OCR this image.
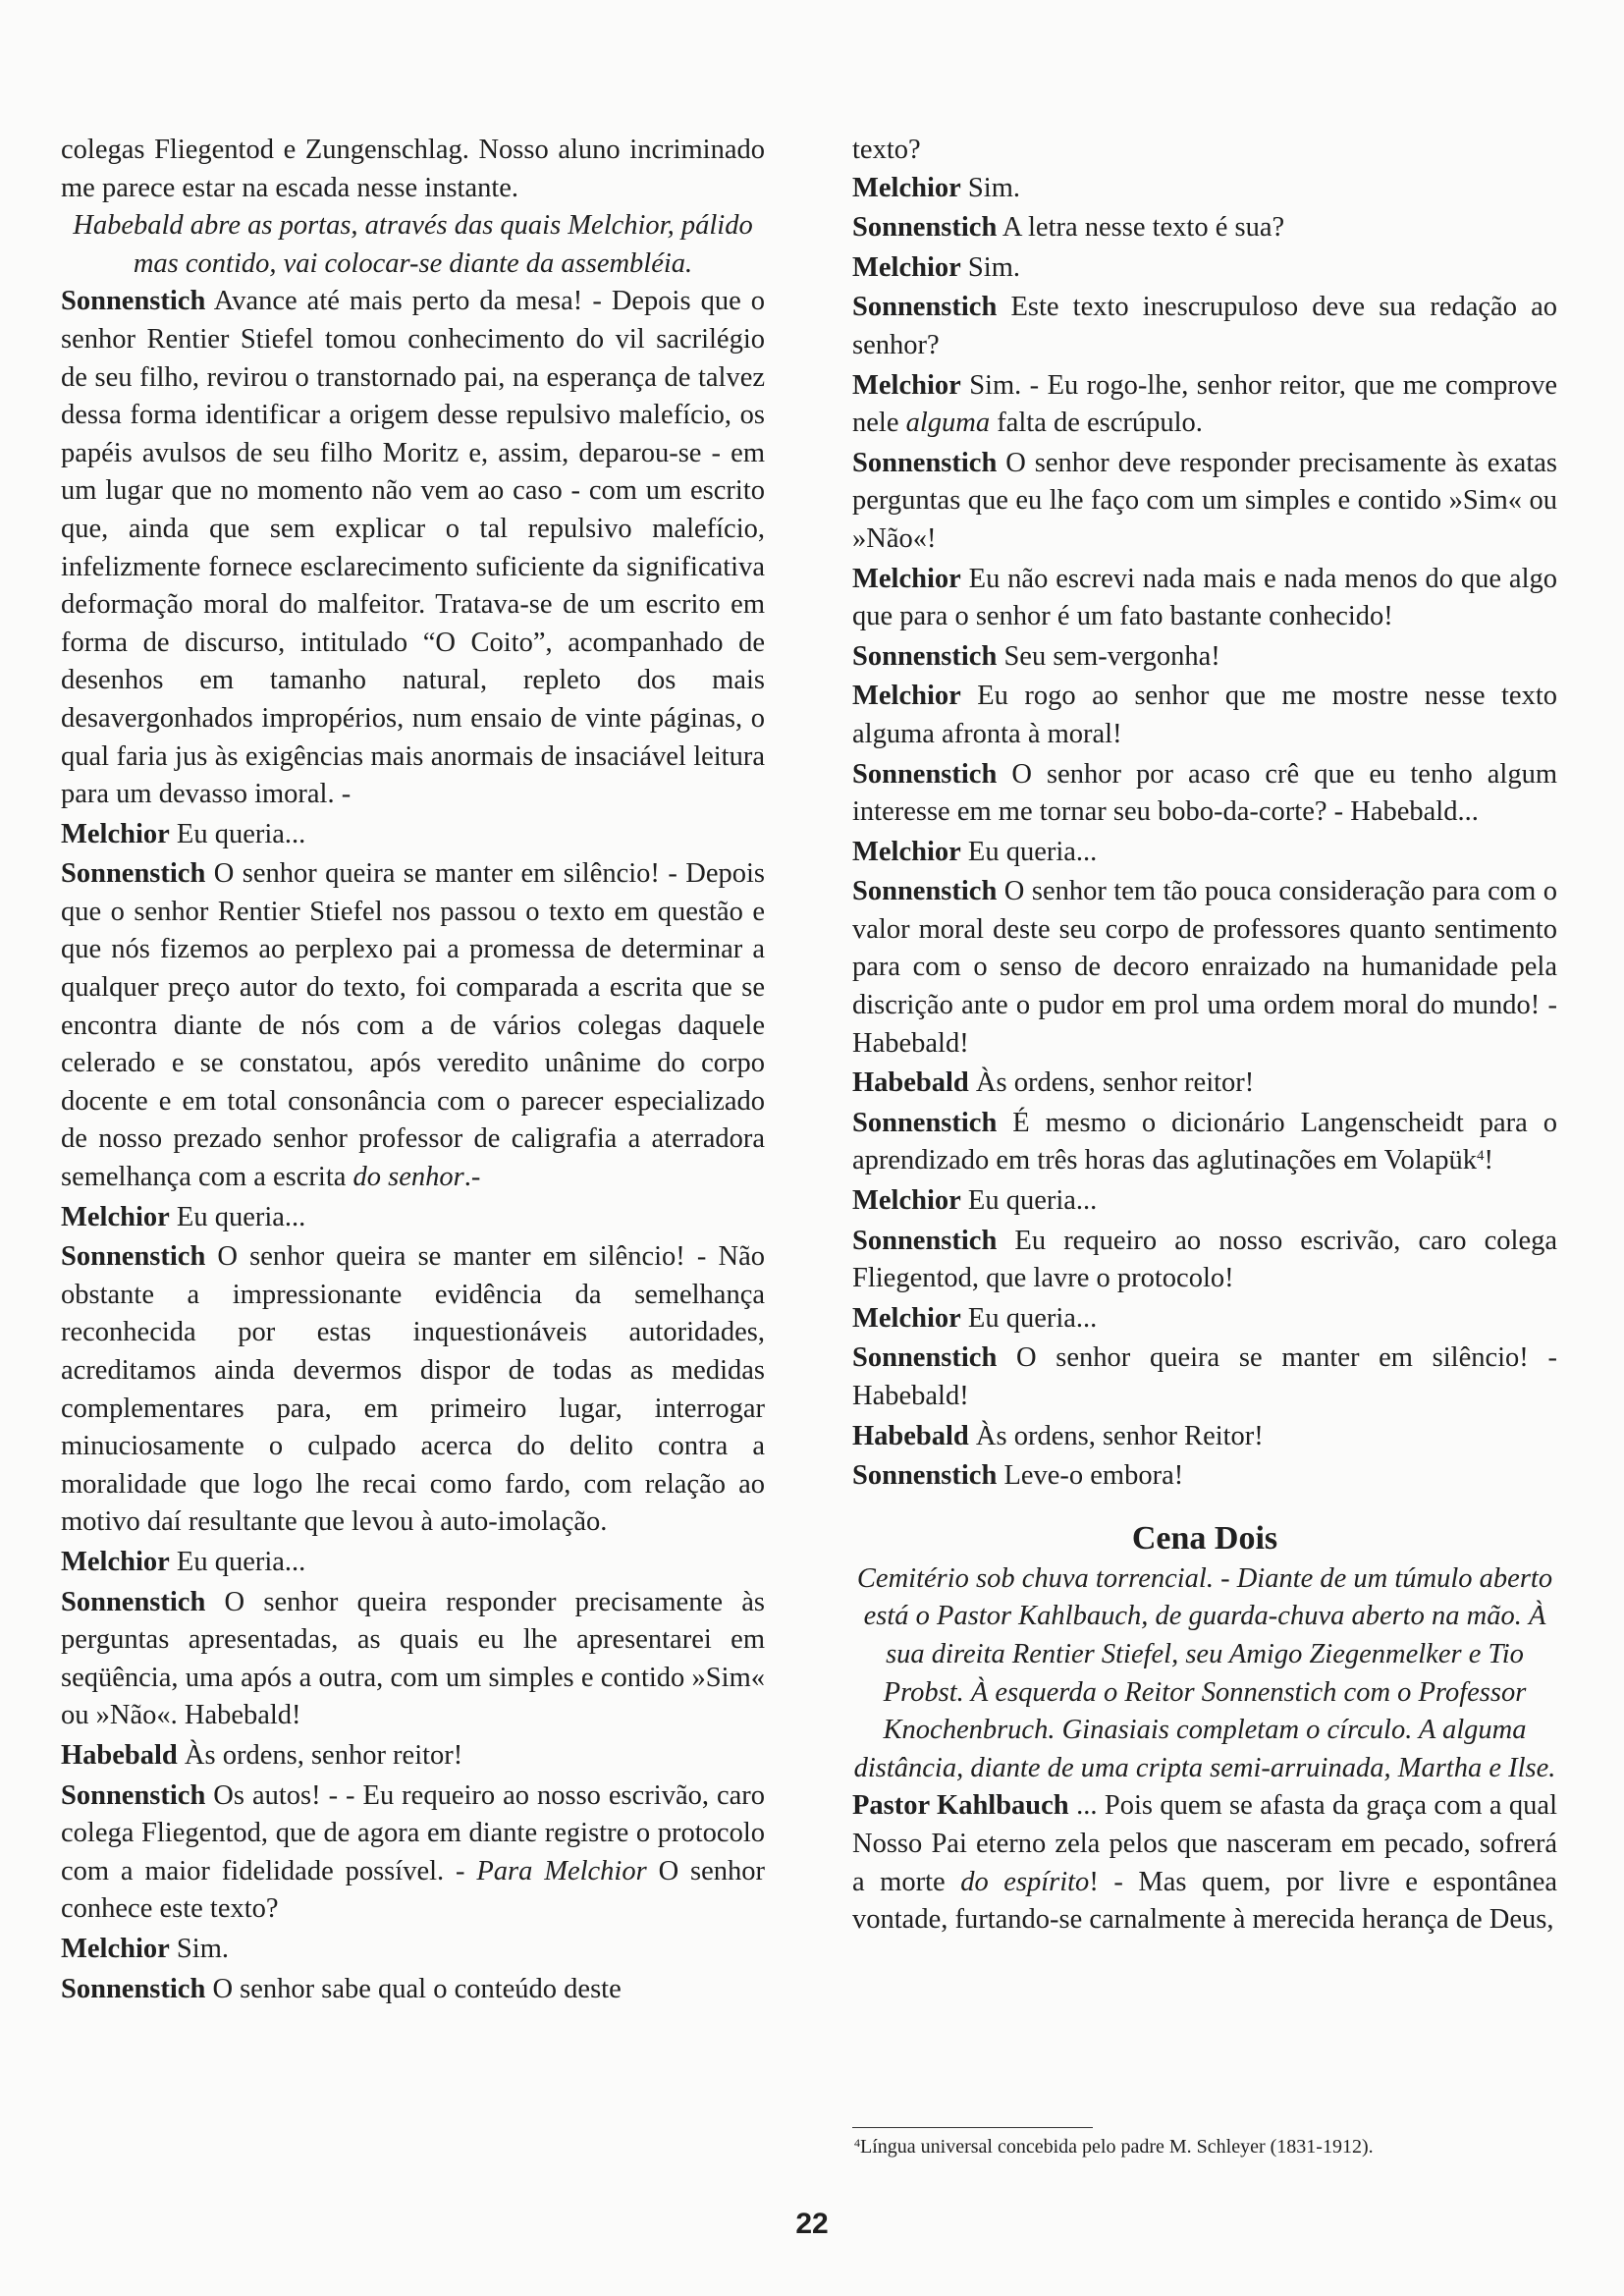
colegas Fliegentod e Zungenschlag. Nosso aluno incriminado me parece estar na escada nesse instante.

Habebald abre as portas, através das quais Melchior, pálido mas contido, vai colocar-se diante da assembléia.

Sonnenstich Avance até mais perto da mesa! - Depois que o senhor Rentier Stiefel tomou conhecimento do vil sacrilégio de seu filho, revirou o transtornado pai, na esperança de talvez dessa forma identificar a origem desse repulsivo malefício, os papéis avulsos de seu filho Moritz e, assim, deparou-se - em um lugar que no momento não vem ao caso - com um escrito que, ainda que sem explicar o tal repulsivo malefício, infelizmente fornece esclarecimento suficiente da significativa deformação moral do malfeitor. Tratava-se de um escrito em forma de discurso, intitulado “O Coito”, acompanhado de desenhos em tamanho natural, repleto dos mais desavergonhados impropérios, num ensaio de vinte páginas, o qual faria jus às exigências mais anormais de insaciável leitura para um devasso imoral. -

Melchior Eu queria...

Sonnenstich O senhor queira se manter em silêncio! - Depois que o senhor Rentier Stiefel nos passou o texto em questão e que nós fizemos ao perplexo pai a promessa de determinar a qualquer preço autor do texto, foi comparada a escrita que se encontra diante de nós com a de vários colegas daquele celerado e se constatou, após veredito unânime do corpo docente e em total consonância com o parecer especializado de nosso prezado senhor professor de caligrafia a aterradora semelhança com a escrita do senhor.-

Melchior Eu queria...

Sonnenstich O senhor queira se manter em silêncio! - Não obstante a impressionante evidência da semelhança reconhecida por estas inquestionáveis autoridades, acreditamos ainda devermos dispor de todas as medidas complementares para, em primeiro lugar, interrogar minuciosamente o culpado acerca do delito contra a moralidade que logo lhe recai como fardo, com relação ao motivo daí resultante que levou à auto-imolação.

Melchior Eu queria...

Sonnenstich O senhor queira responder precisamente às perguntas apresentadas, as quais eu lhe apresentarei em seqüência, uma após a outra, com um simples e contido »Sim« ou »Não«. Habebald!

Habebald Às ordens, senhor reitor!

Sonnenstich Os autos! - - Eu requeiro ao nosso escrivão, caro colega Fliegentod, que de agora em diante registre o protocolo com a maior fidelidade possível. - Para Melchior O senhor conhece este texto?

Melchior Sim.

Sonnenstich O senhor sabe qual o conteúdo deste

texto?

Melchior Sim.

Sonnenstich A letra nesse texto é sua?

Melchior Sim.

Sonnenstich Este texto inescrupuloso deve sua redação ao senhor?

Melchior Sim. - Eu rogo-lhe, senhor reitor, que me comprove nele alguma falta de escrúpulo.

Sonnenstich O senhor deve responder precisamente às exatas perguntas que eu lhe faço com um simples e contido »Sim« ou »Não«!

Melchior Eu não escrevi nada mais e nada menos do que algo que para o senhor é um fato bastante conhecido!

Sonnenstich Seu sem-vergonha!

Melchior Eu rogo ao senhor que me mostre nesse texto alguma afronta à moral!

Sonnenstich O senhor por acaso crê que eu tenho algum interesse em me tornar seu bobo-da-corte? - Habebald...

Melchior Eu queria...

Sonnenstich O senhor tem tão pouca consideração para com o valor moral deste seu corpo de professores quanto sentimento para com o senso de decoro enraizado na humanidade pela discrição ante o pudor em prol uma ordem moral do mundo! - Habebald!

Habebald Às ordens, senhor reitor!

Sonnenstich É mesmo o dicionário Langenscheidt para o aprendizado em três horas das aglutinações em Volapük$^4$!

Melchior Eu queria...

Sonnenstich Eu requeiro ao nosso escrivão, caro colega Fliegentod, que lavre o protocolo!

Melchior Eu queria...

Sonnenstich O senhor queira se manter em silêncio! - Habebald!

Habebald Às ordens, senhor Reitor!

Sonnenstich Leve-o embora!

Cena Dois

Cemitério sob chuva torrencial. - Diante de um túmulo aberto está o Pastor Kahlbauch, de guarda-chuva aberto na mão. À sua direita Rentier Stiefel, seu Amigo Ziegenmelker e Tio Probst. À esquerda o Reitor Sonnenstich com o Professor Knochenbruch. Ginasiais completam o círculo. A alguma distância, diante de uma cripta semi-arruinada, Martha e Ilse.

Pastor Kahlbauch ... Pois quem se afasta da graça com a qual Nosso Pai eterno zela pelos que nasceram em pecado, sofrerá a morte do espírito! - Mas quem, por livre e espontânea vontade, furtando-se carnalmente à merecida herança de Deus,

$^4$Língua universal concebida pelo padre M. Schleyer (1831-1912).
22
